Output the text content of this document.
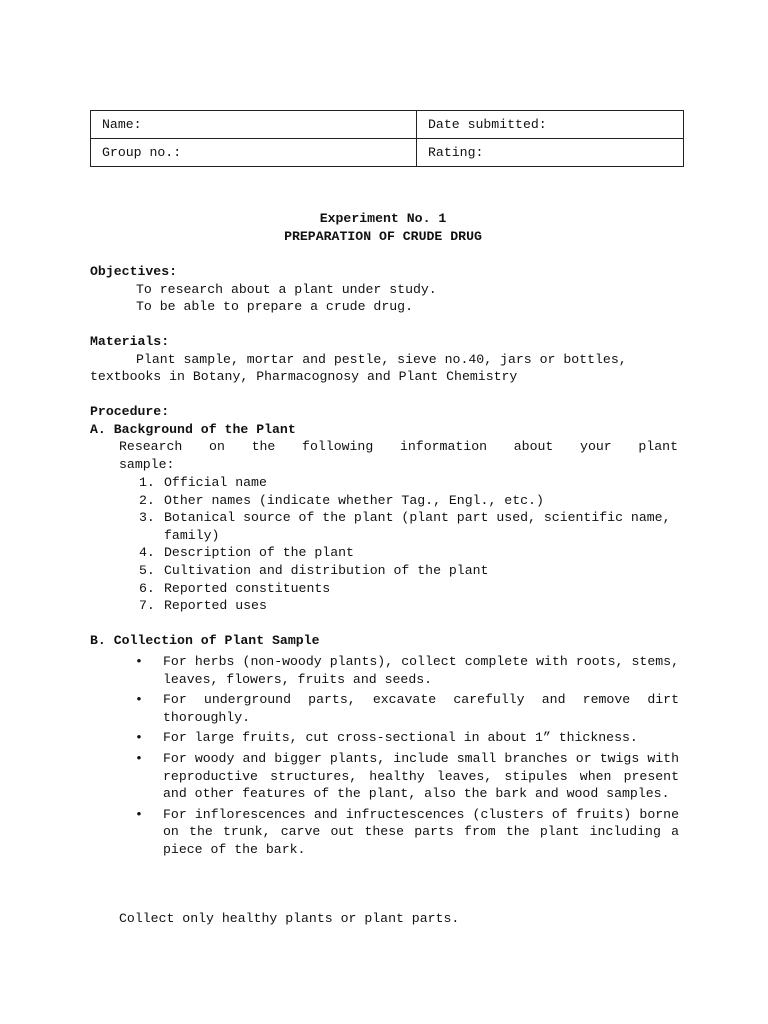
Name:	Date submitted:
Group no.:	Rating:
Experiment No. 1
PREPARATION OF CRUDE DRUG
Objectives:
To research about a plant under study.
To be able to prepare a crude drug.
Materials:
Plant sample, mortar and pestle, sieve no.40, jars or bottles,
textbooks in Botany, Pharmacognosy and Plant Chemistry
Procedure:
A. Background of the Plant
Research on the following information about your plant
sample:
1. Official name
2. Other names (indicate whether Tag., Engl., etc.)
3. Botanical source of the plant (plant part used, scientific name, family)
4. Description of the plant
5. Cultivation and distribution of the plant
6. Reported constituents
7. Reported uses
B. Collection of Plant Sample
•	For herbs (non-woody plants), collect complete with roots, stems, leaves, flowers, fruits and seeds.
•	For underground parts, excavate carefully and remove dirt thoroughly.
•	For large fruits, cut cross-sectional in about 1” thickness.
•	For woody and bigger plants, include small branches or twigs with reproductive structures, healthy leaves, stipules when present and other features of the plant, also the bark and wood samples.
•	For inflorescences and infructescences (clusters of fruits) borne on the trunk, carve out these parts from the plant including a piece of the bark.
Collect only healthy plants or plant parts.
